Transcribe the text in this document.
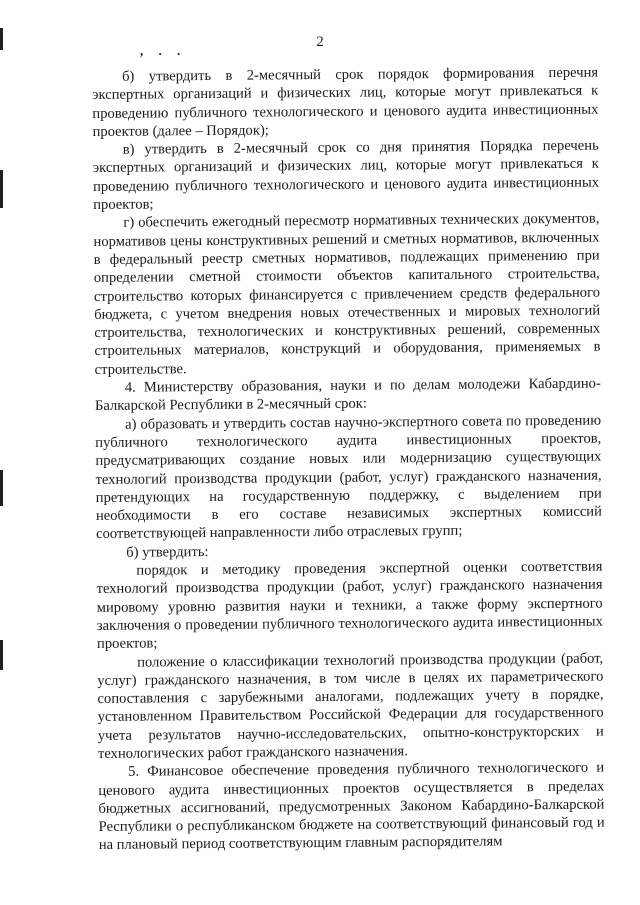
, . .
2

б) утвердить в 2-месячный срок порядок формирования перечня экспертных организаций и физических лиц, которые могут привлекаться к проведению публичного технологического и ценового аудита инвестиционных проектов (далее – Порядок);

в) утвердить в 2-месячный срок со дня принятия Порядка перечень экспертных организаций и физических лиц, которые могут привлекаться к проведению публичного технологического и ценового аудита инвестиционных проектов;

г) обеспечить ежегодный пересмотр нормативных технических документов, нормативов цены конструктивных решений и сметных нормативов, включенных в федеральный реестр сметных нормативов, подлежащих применению при определении сметной стоимости объектов капитального строительства, строительство которых финансируется с привлечением средств федерального бюджета, с учетом внедрения новых отечественных и мировых технологий строительства, технологических и конструктивных решений, современных строительных материалов, конструкций и оборудования, применяемых в строительстве.

4. Министерству образования, науки и по делам молодежи Кабардино-Балкарской Республики в 2-месячный срок:

а) образовать и утвердить состав научно-экспертного совета по проведению публичного технологического аудита инвестиционных проектов, предусматривающих создание новых или модернизацию существующих технологий производства продукции (работ, услуг) гражданского назначения, претендующих на государственную поддержку, с выделением при необходимости в его составе независимых экспертных комиссий соответствующей направленности либо отраслевых групп;

б) утвердить:

порядок и методику проведения экспертной оценки соответствия технологий производства продукции (работ, услуг) гражданского назначения мировому уровню развития науки и техники, а также форму экспертного заключения о проведении публичного технологического аудита инвестиционных проектов;

положение о классификации технологий производства продукции (работ, услуг) гражданского назначения, в том числе в целях их параметрического сопоставления с зарубежными аналогами, подлежащих учету в порядке, установленном Правительством Российской Федерации для государственного учета результатов научно-исследовательских, опытно-конструкторских и технологических работ гражданского назначения.

5. Финансовое обеспечение проведения публичного технологического и ценового аудита инвестиционных проектов осуществляется в пределах бюджетных ассигнований, предусмотренных Законом Кабардино-Балкарской Республики о республиканском бюджете на соответствующий финансовый год и на плановый период соответствующим главным распорядителям
